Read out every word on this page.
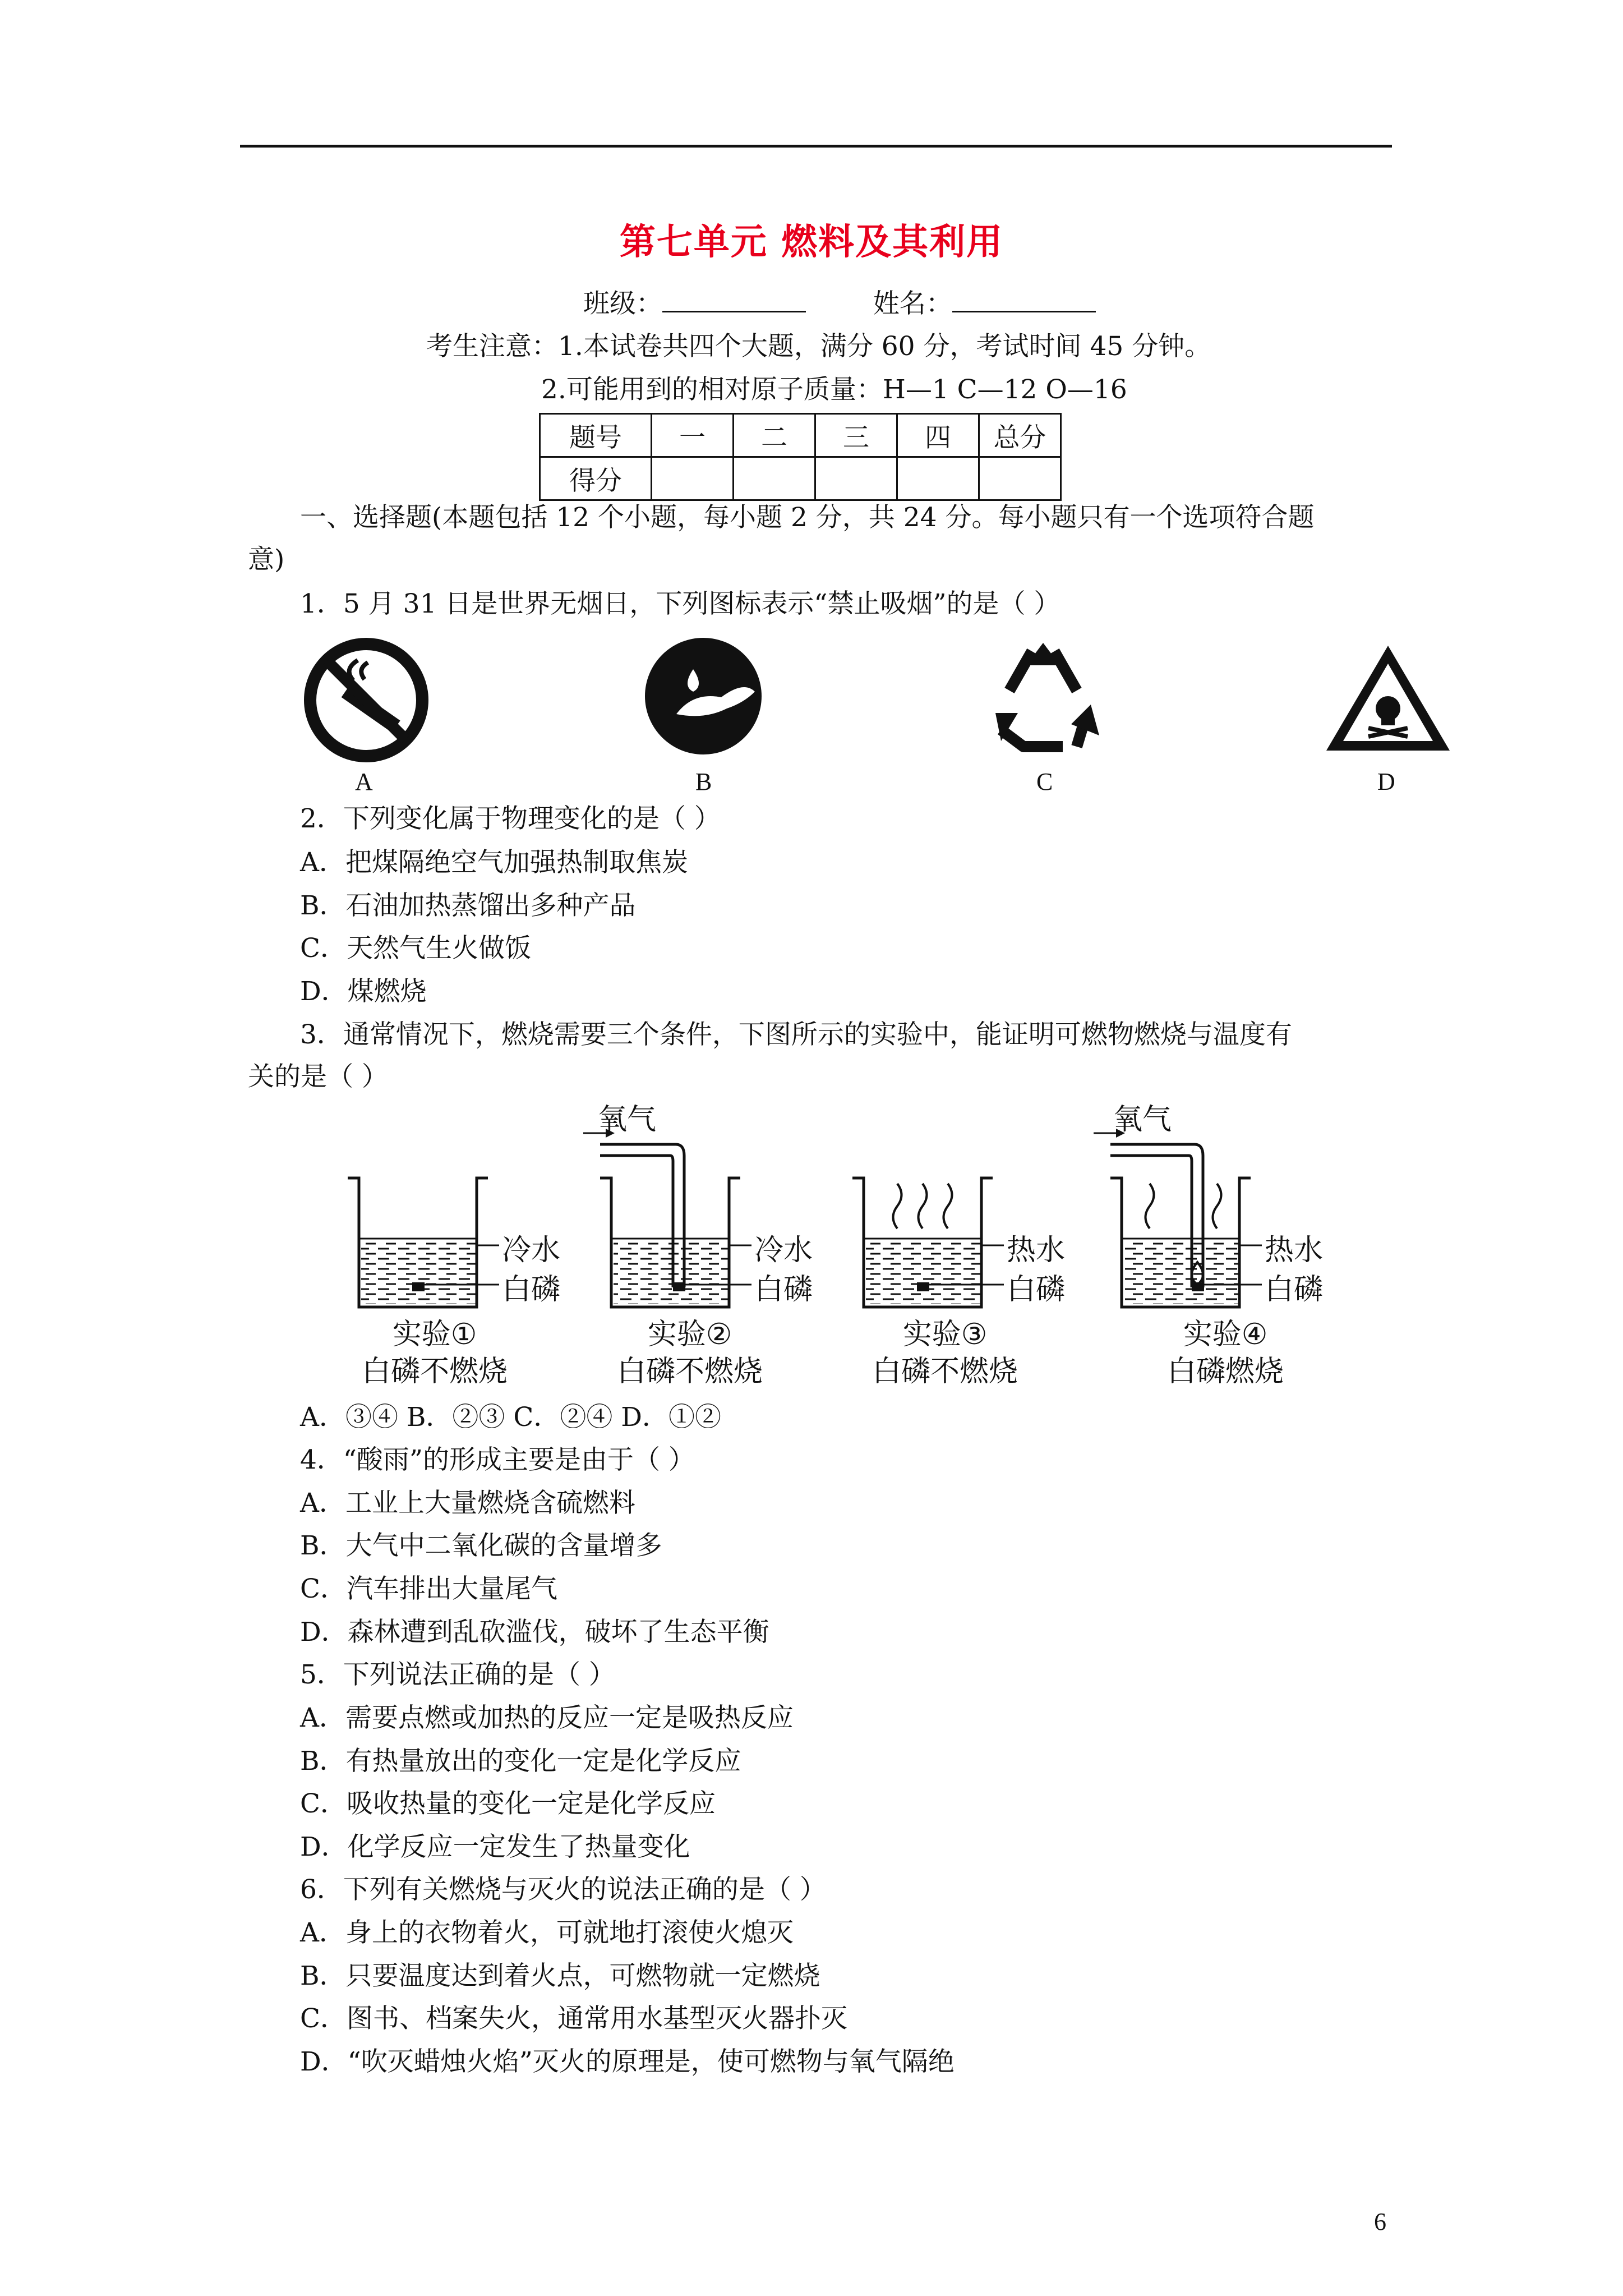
第七单元 燃料及其利用
班级：	姓名：
考生注意：1.本试卷共四个大题，满分 60 分，考试时间 45 分钟。
2.可能用到的相对原子质量：H—1 C—12 O—16
题号	一	二	三	四	总分
得分					
一、选择题(本题包括 12 个小题，每小题 2 分，共 24 分。每小题只有一个选项符合题
意)
1．5 月 31 日是世界无烟日，下列图标表示“禁止吸烟”的是（ ）
A	B	C	D
2．下列变化属于物理变化的是（ ）
A．把煤隔绝空气加强热制取焦炭
B．石油加热蒸馏出多种产品
C．天然气生火做饭
D．煤燃烧
3．通常情况下，燃烧需要三个条件，下图所示的实验中，能证明可燃物燃烧与温度有
关的是（ ）
氧气	氧气
冷水
白磷
冷水
白磷
热水
白磷
热水
白磷
实验①
白磷不燃烧
实验②
白磷不燃烧
实验③
白磷不燃烧
实验④
白磷燃烧
A．③④ B．②③ C．②④ D．①②
4．“酸雨”的形成主要是由于（ ）
A．工业上大量燃烧含硫燃料
B．大气中二氧化碳的含量增多
C．汽车排出大量尾气
D．森林遭到乱砍滥伐，破坏了生态平衡
5．下列说法正确的是（ ）
A．需要点燃或加热的反应一定是吸热反应
B．有热量放出的变化一定是化学反应
C．吸收热量的变化一定是化学反应
D．化学反应一定发生了热量变化
6．下列有关燃烧与灭火的说法正确的是（ ）
A．身上的衣物着火，可就地打滚使火熄灭
B．只要温度达到着火点，可燃物就一定燃烧
C．图书、档案失火，通常用水基型灭火器扑灭
D．“吹灭蜡烛火焰”灭火的原理是，使可燃物与氧气隔绝
6
